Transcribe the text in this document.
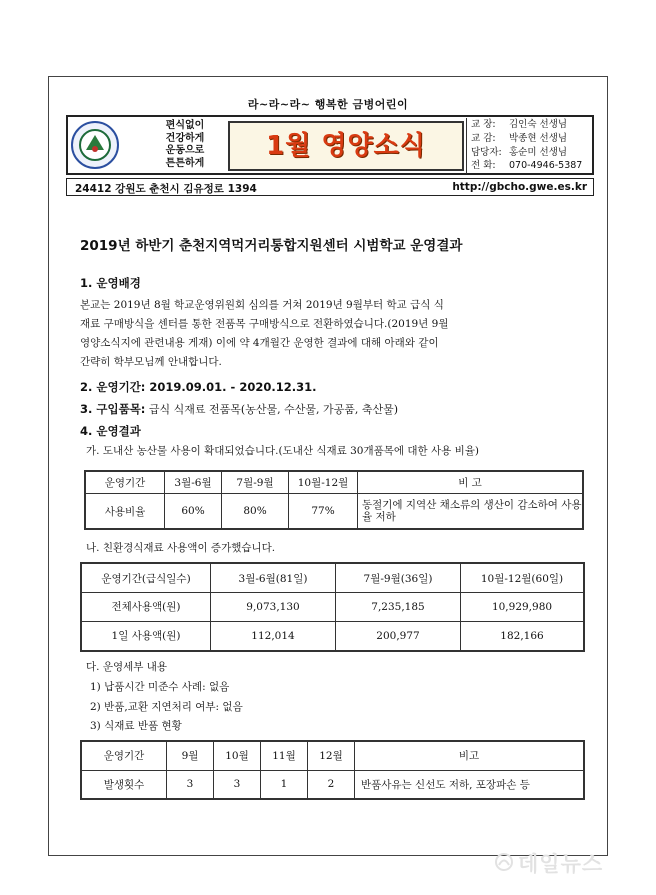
라~라~라~ 행복한 금병어린이
편식없이
건강하게
운동으로
튼튼하게
1월 영양소식
교 장:	김인숙 선생님
교 감:	박종현 선생님
담당자: 홍순미 선생님
전 화:	070-4946-5387
24412 강원도 춘천시 김유정로 1394	http://gbcho.gwe.es.kr
2019년 하반기 춘천지역먹거리통합지원센터 시범학교 운영결과
1. 운영배경

본교는 2019년 8월 학교운영위원회 심의를 거쳐 2019년 9월부터 학교 급식 식

재료 구매방식을 센터를 통한 전품목 구매방식으로 전환하였습니다.(2019년 9월

영양소식지에 관련내용 게재) 이에 약 4개월간 운영한 결과에 대해 아래와 같이

간략히 학부모님께 안내합니다.

2. 운영기간: 2019.09.01. - 2020.12.31.
3. 구입품목: 급식 식재료 전품목(농산물, 수산물, 가공품, 축산물)
4. 운영결과
가. 도내산 농산물 사용이 확대되었습니다.(도내산 식재료 30개품목에 대한 사용 비율)
운영기간	3월-6월	7월-9월	10월-12월	비 고
사용비율	60%	80%	77%	동절기에 지역산 채소류의 생산이 감소하여 사용율 저하
나. 친환경식재료 사용액이 증가했습니다.
운영기간(급식일수)	3월-6월(81일)	7월-9월(36일)	10월-12월(60일)
전체사용액(원)	9,073,130	7,235,185	10,929,980
1일 사용액(원)	112,014	200,977	182,166
다. 운영세부 내용
1) 납품시간 미준수 사례: 없음
2) 반품,교환 지연처리 여부: 없음
3) 식재료 반품 현황
운영기간	9월	10월	11월	12월	비고
발생횟수	3	3	1	2	반품사유는 신선도 저하, 포장파손 등
데일뉴스
